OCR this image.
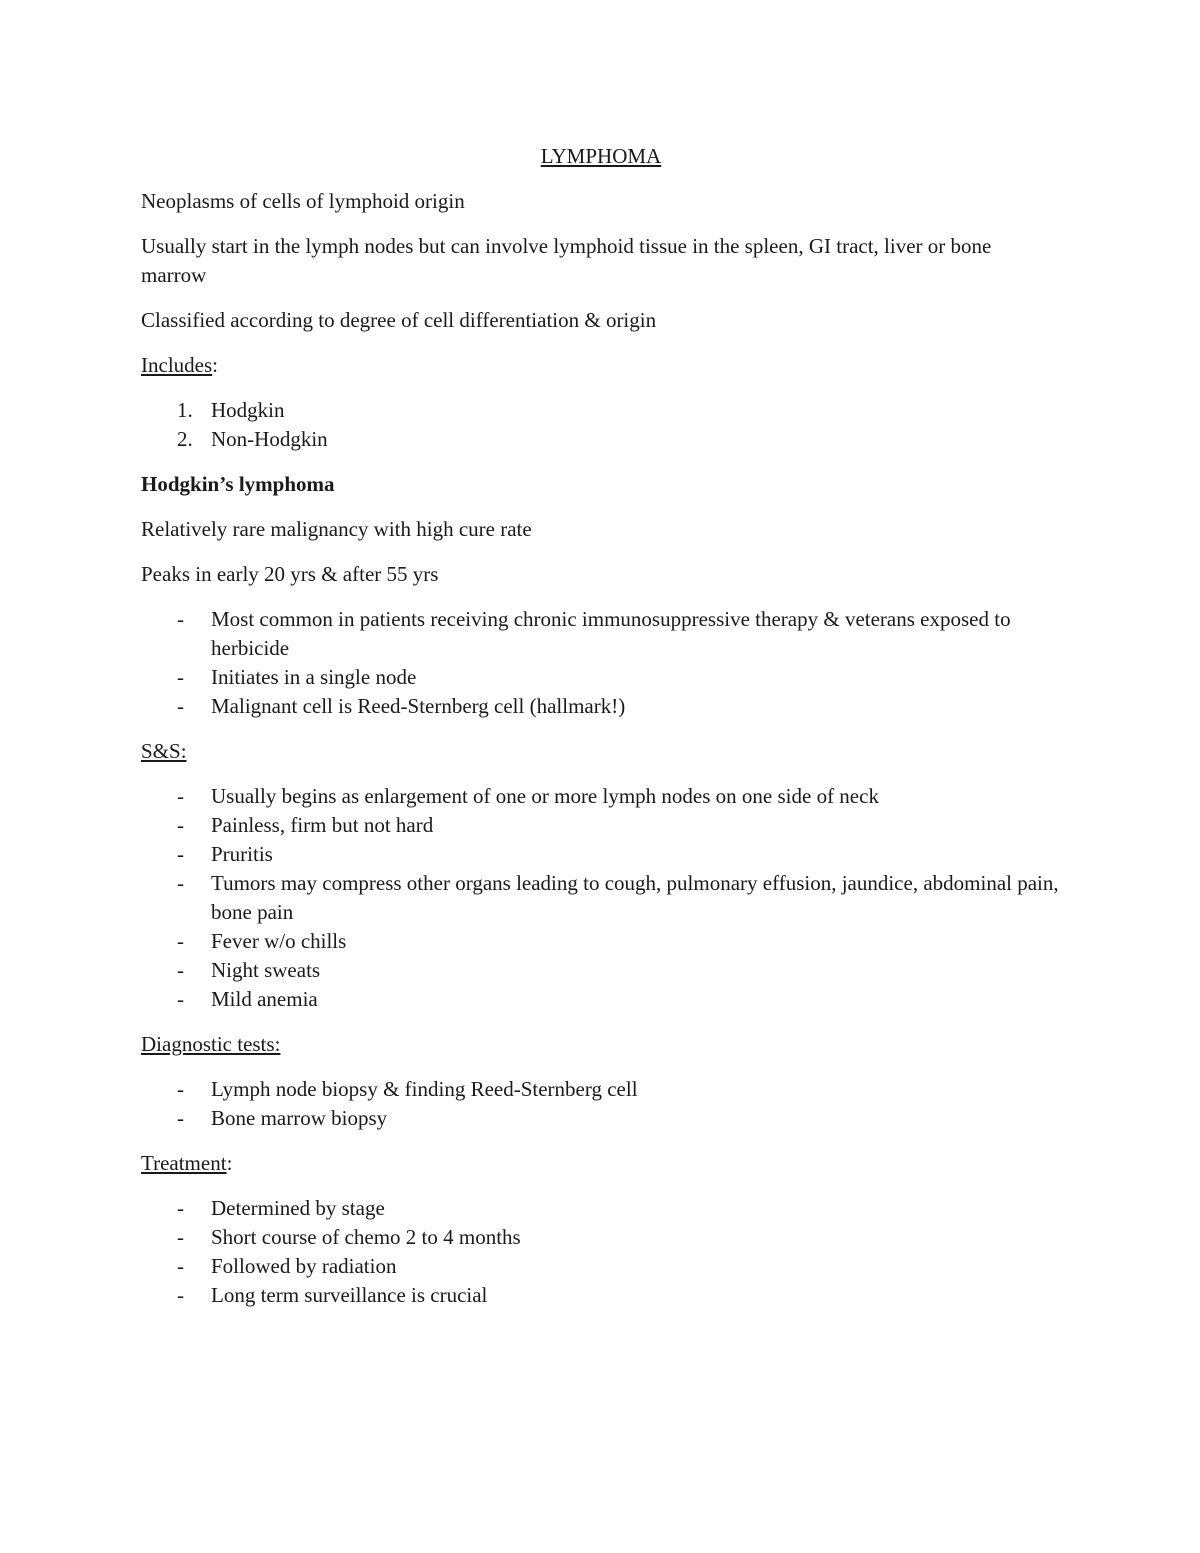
LYMPHOMA

Neoplasms of cells of lymphoid origin

Usually start in the lymph nodes but can involve lymphoid tissue in the spleen, GI tract, liver or bone marrow

Classified according to degree of cell differentiation & origin

Includes:

1. Hodgkin
2. Non-Hodgkin

Hodgkin’s lymphoma

Relatively rare malignancy with high cure rate

Peaks in early 20 yrs & after 55 yrs

- Most common in patients receiving chronic immunosuppressive therapy & veterans exposed to herbicide
- Initiates in a single node
- Malignant cell is Reed-Sternberg cell (hallmark!)

S&S:

- Usually begins as enlargement of one or more lymph nodes on one side of neck
- Painless, firm but not hard
- Pruritis
- Tumors may compress other organs leading to cough, pulmonary effusion, jaundice, abdominal pain, bone pain
- Fever w/o chills
- Night sweats
- Mild anemia

Diagnostic tests:

- Lymph node biopsy & finding Reed-Sternberg cell
- Bone marrow biopsy

Treatment:

- Determined by stage
- Short course of chemo 2 to 4 months
- Followed by radiation
- Long term surveillance is crucial
